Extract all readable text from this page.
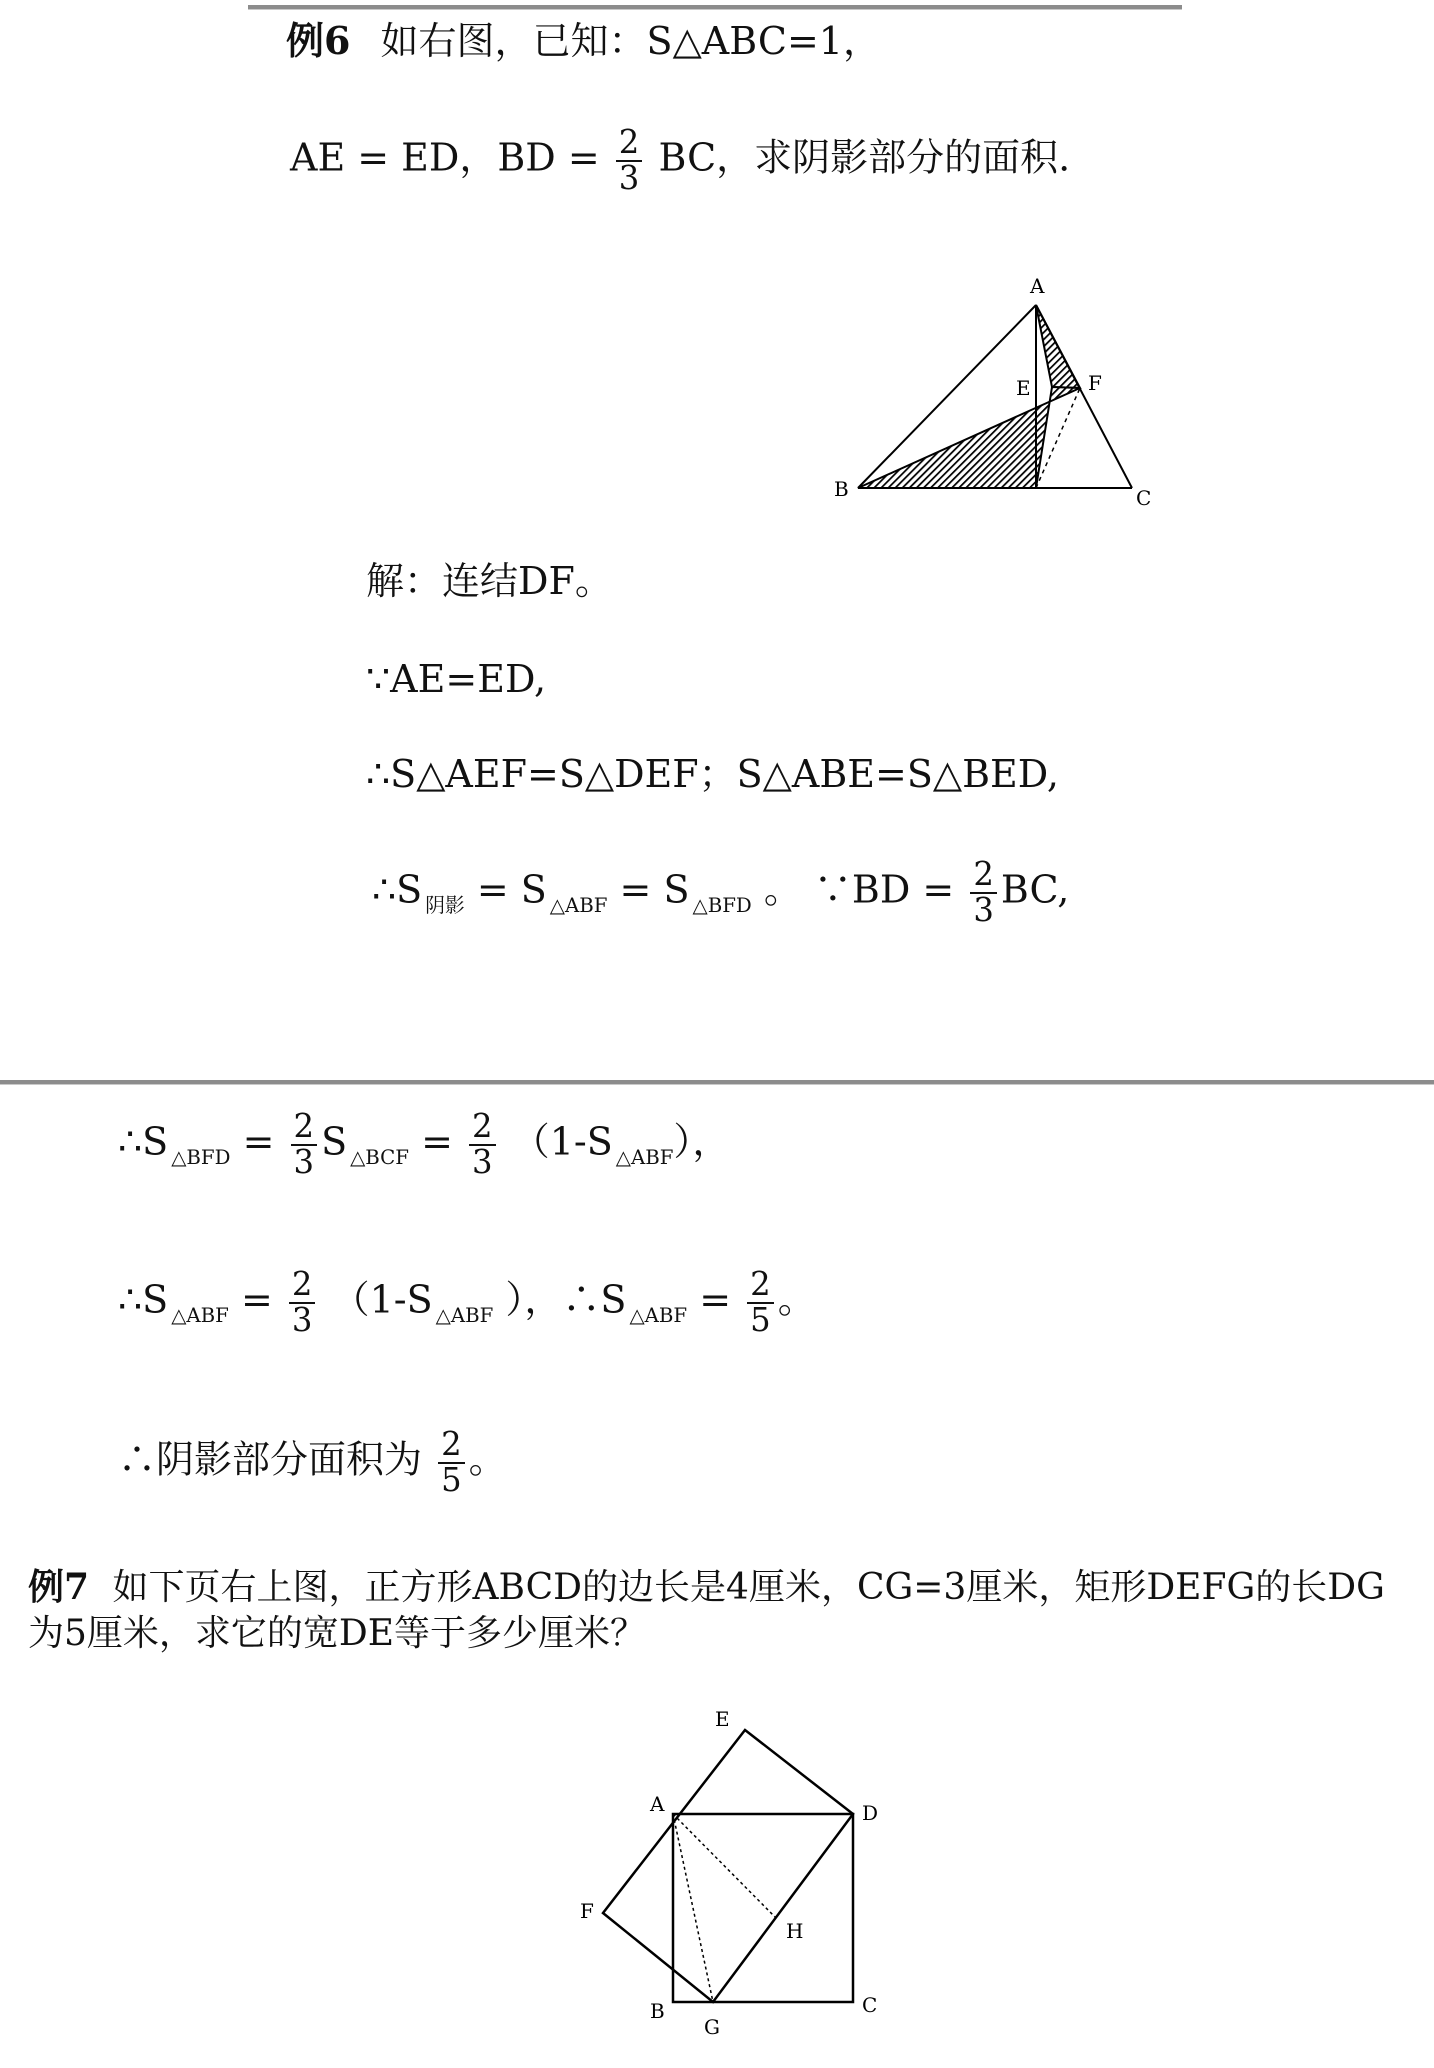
例6 如右图，已知：S△ABC=1，
AE = ED，BD = $\frac{2}{3}$ BC，求阴影部分的面积.
A
B	C
E	F
解：连结DF。
∵AE=ED,
∴S△AEF=S△DEF；S△ABE=S△BED,
∴S $_{阴影}$ = S $_{\triangle ABF}$ = S $_{\triangle BFD}$ 。 ∵BD = $\frac{2}{3}$ BC,
∴S $_{\triangle BFD} = \frac{2}{3}$ S $_{\triangle BCF} = \frac{2}{3} (1-S$ $_{\triangle ABF}$），
∴S $_{\triangle ABF} = \frac{2}{3} (1-S$ $_{\triangle ABF}$ ），∴S $_{\triangle ABF} = \frac{2}{5}$ 。
∴阴影部分面积为 $\frac{2}{5}$ 。
例7 如下页右上图，正方形ABCD的边长是4厘米，CG=3厘米，矩形DEFG的长DG为5厘米，求它的宽DE等于多少厘米？
E
A	D
F
H
B
G
C
